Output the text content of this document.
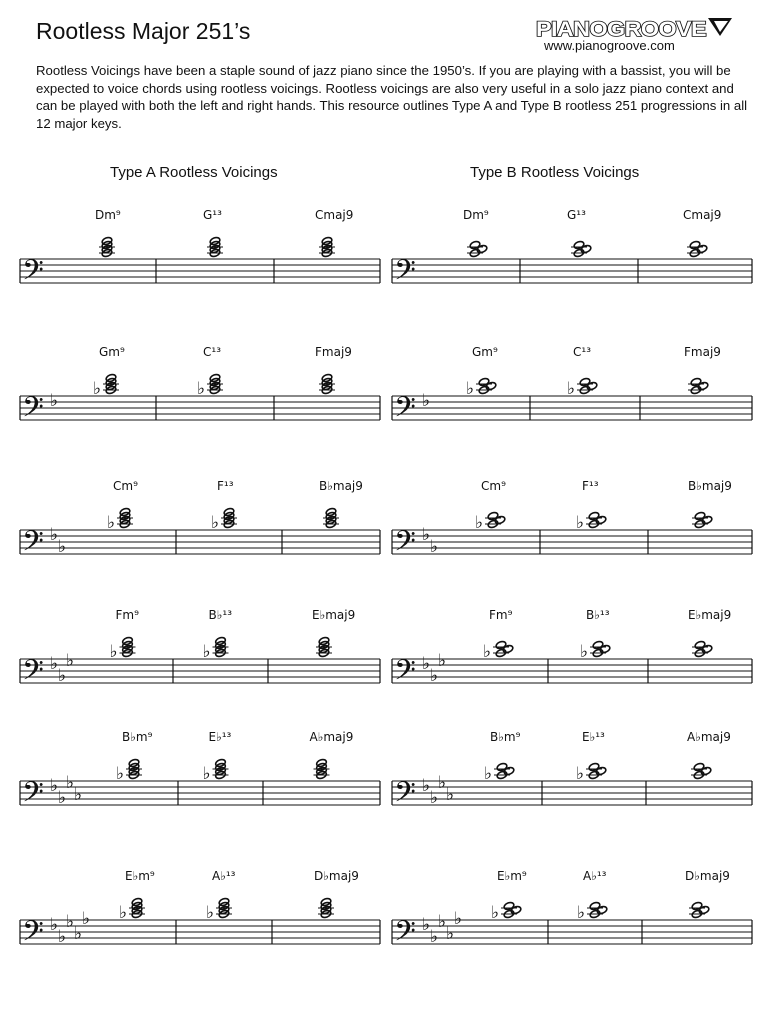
Rootless Major 251’s	PIANOGROOVE
www.pianogroove.com

Rootless Voicings have been a staple sound of jazz piano since the 1950’s. If you are playing with a bassist, you will be expected to voice chords using rootless voicings. Rootless voicings are also very useful in a solo jazz piano context and can be played with both the left and right hands. This resource outlines Type A and Type B rootless 251 progressions in all 12 major keys.

Type A Rootless Voicings	Type B Rootless Voicings
𝄢
Dm⁹	G¹³	Cmaj9
𝄢
Dm⁹	G¹³	Cmaj9
𝄢 ♭
Gm⁹
♭
C¹³
♭
Fmaj9
𝄢 ♭
Gm⁹
♭
C¹³
♭
Fmaj9
𝄢 ♭
♭
Cm⁹
♭
F¹³
♭
B♭maj9
𝄢 ♭
♭
Cm⁹
♭
F¹³
♭
B♭maj9
𝄢 ♭
♭
♭
Fm⁹
♭
B♭¹³
♭
E♭maj9
𝄢 ♭
♭
♭
Fm⁹
♭
B♭¹³
♭
E♭maj9
𝄢 ♭
♭
♭
♭
B♭m⁹
♭
E♭¹³
♭
A♭maj9
𝄢 ♭
♭
♭
♭
B♭m⁹
♭
E♭¹³
♭
A♭maj9
𝄢 ♭
♭
♭
♭
♭
E♭m⁹
♭
A♭¹³
♭
D♭maj9
𝄢 ♭
♭
♭
♭
♭
E♭m⁹
♭
A♭¹³
♭
D♭maj9
